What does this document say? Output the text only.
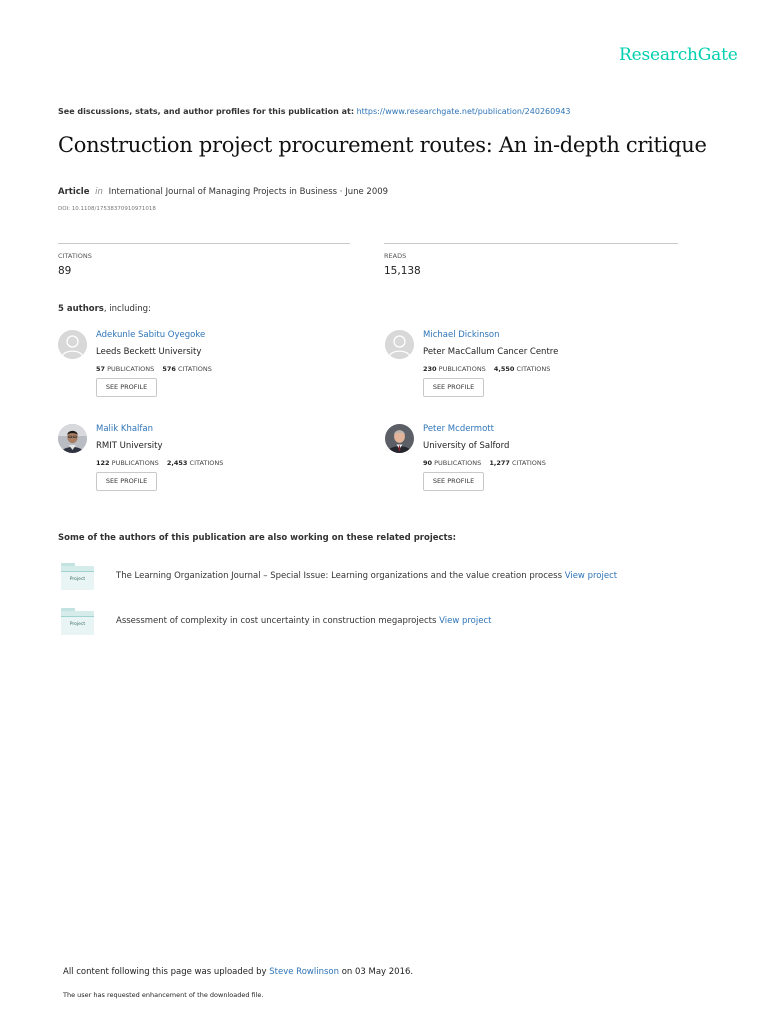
ResearchGate
See discussions, stats, and author profiles for this publication at: https://www.researchgate.net/publication/240260943
Construction project procurement routes: An in-depth critique
Article in International Journal of Managing Projects in Business · June 2009
DOI: 10.1108/17538370910971018
CITATIONS
89
READS
15,138
5 authors, including:
Adekunle Sabitu Oyegoke
Leeds Beckett University
57 PUBLICATIONS 576 CITATIONS
SEE PROFILE
Michael Dickinson
Peter MacCallum Cancer Centre
230 PUBLICATIONS 4,550 CITATIONS
SEE PROFILE
Malik Khalfan
RMIT University
122 PUBLICATIONS 2,453 CITATIONS
SEE PROFILE
Peter Mcdermott
University of Salford
90 PUBLICATIONS 1,277 CITATIONS
SEE PROFILE
Some of the authors of this publication are also working on these related projects:
Project	The Learning Organization Journal – Special Issue: Learning organizations and the value creation process View project
Project	Assessment of complexity in cost uncertainty in construction megaprojects View project
All content following this page was uploaded by Steve Rowlinson on 03 May 2016.
The user has requested enhancement of the downloaded file.
